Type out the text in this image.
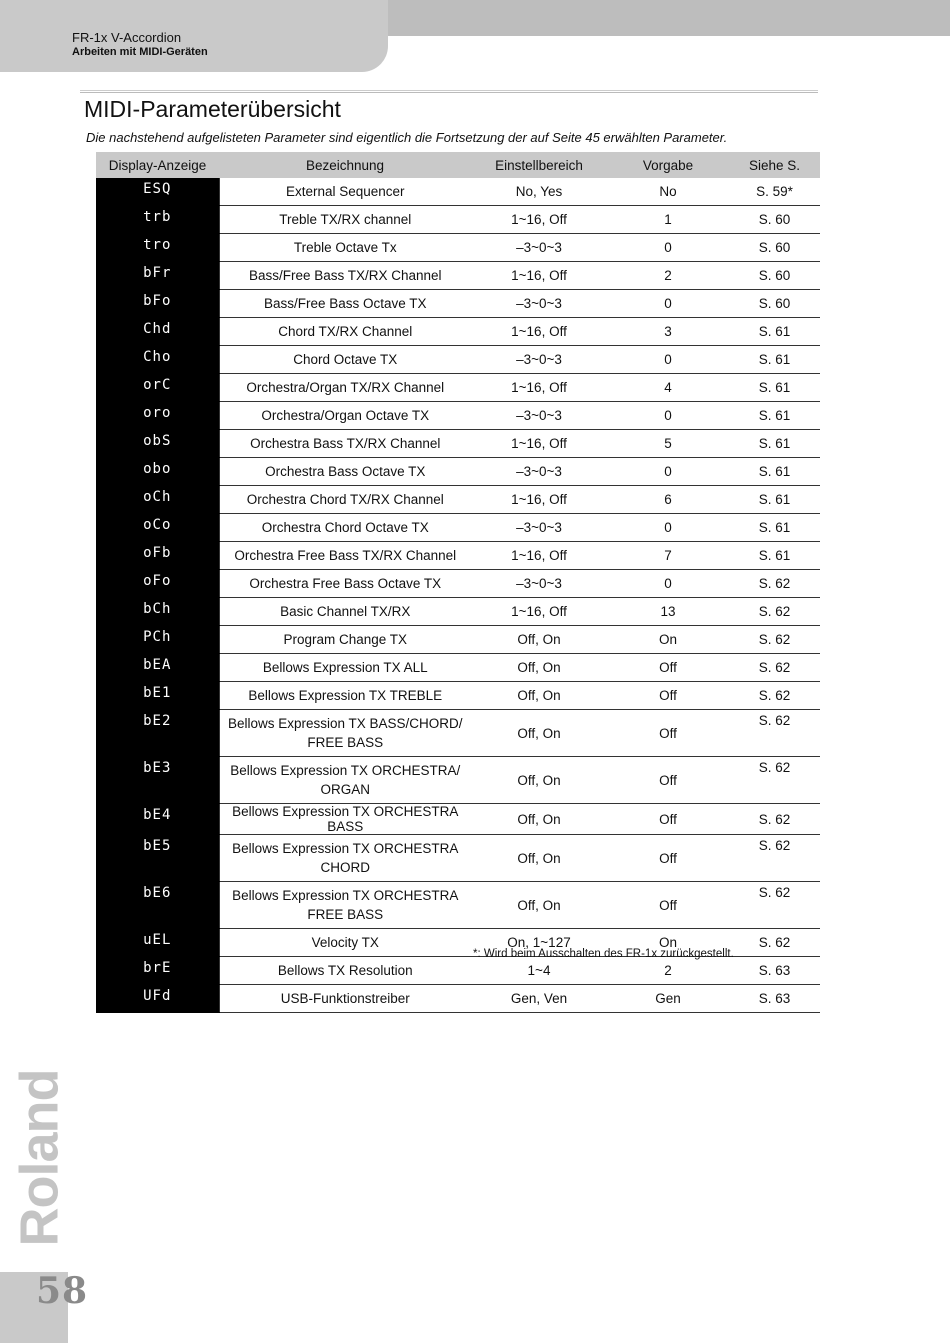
FR-1x V-Accordion
Arbeiten mit MIDI-Geräten
MIDI-Parameterübersicht
Die nachstehend aufgelisteten Parameter sind eigentlich die Fortsetzung der auf Seite 45 erwählten Parameter.
Display-Anzeige	Bezeichnung	Einstellbereich	Vorgabe	Siehe S.
ESQ	External Sequencer	No, Yes	No	S. 59*
trb	Treble TX/RX channel	1~16, Off	1	S. 60
tro	Treble Octave Tx	–3~0~3	0	S. 60
bFr	Bass/Free Bass TX/RX Channel	1~16, Off	2	S. 60
bFo	Bass/Free Bass Octave TX	–3~0~3	0	S. 60
Chd	Chord TX/RX Channel	1~16, Off	3	S. 61
Cho	Chord Octave TX	–3~0~3	0	S. 61
orC	Orchestra/Organ TX/RX Channel	1~16, Off	4	S. 61
oro	Orchestra/Organ Octave TX	–3~0~3	0	S. 61
obS	Orchestra Bass TX/RX Channel	1~16, Off	5	S. 61
obo	Orchestra Bass Octave TX	–3~0~3	0	S. 61
oCh	Orchestra Chord TX/RX Channel	1~16, Off	6	S. 61
oCo	Orchestra Chord Octave TX	–3~0~3	0	S. 61
oFb	Orchestra Free Bass TX/RX Channel	1~16, Off	7	S. 61
oFo	Orchestra Free Bass Octave TX	–3~0~3	0	S. 62
bCh	Basic Channel TX/RX	1~16, Off	13	S. 62
PCh	Program Change TX	Off, On	On	S. 62
bEA	Bellows Expression TX ALL	Off, On	Off	S. 62
bE1	Bellows Expression TX TREBLE	Off, On	Off	S. 62
bE2	Bellows Expression TX BASS/CHORD/ FREE BASS	Off, On	Off	S. 62
bE3	Bellows Expression TX ORCHESTRA/ ORGAN	Off, On	Off	S. 62
bE4	Bellows Expression TX ORCHESTRA BASS	Off, On	Off	S. 62
bE5	Bellows Expression TX ORCHESTRA CHORD	Off, On	Off	S. 62
bE6	Bellows Expression TX ORCHESTRA FREE BASS	Off, On	Off	S. 62
uEL	Velocity TX	On, 1~127	On	S. 62
brE	Bellows TX Resolution	1~4	2	S. 63
UFd	USB-Funktionstreiber	Gen, Ven	Gen	S. 63
*: Wird beim Ausschalten des FR-1x zurückgestellt.
Roland
58
